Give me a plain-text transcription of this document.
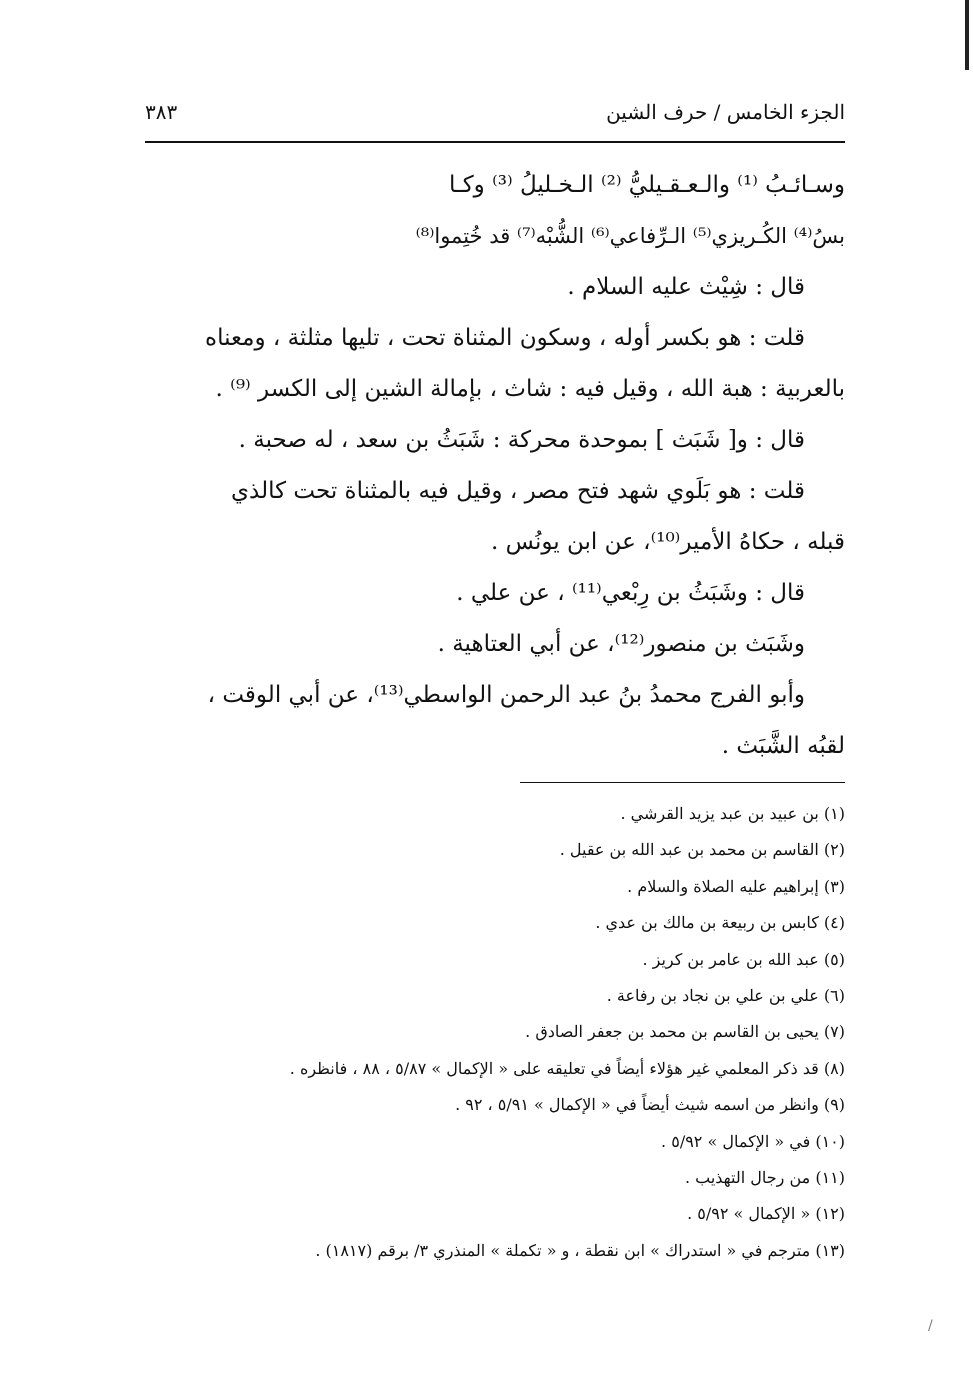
الجزء الخامس / حرف الشين
٣٨٣
وسـائـبُ ⁽¹⁾ والـعـقـيليُّ ⁽²⁾ الـخـليلُ ⁽³⁾ وكـا
بسُ⁽⁴⁾ الكُـريزي⁽⁵⁾ الـرِّفاعي⁽⁶⁾ الشُّبْه⁽⁷⁾ قد خُتِموا⁽⁸⁾
قال : شِيْث عليه السلام .
قلت : هو بكسر أوله ، وسكون المثناة تحت ، تليها مثلثة ، ومعناه
بالعربية : هبة الله ، وقيل فيه : شاث ، بإمالة الشين إلى الكسر ⁽⁹⁾ .
قال : و[ شَبَث ] بموحدة محركة : شَبَثُ بن سعد ، له صحبة .
قلت : هو بَلَوي شهد فتح مصر ، وقيل فيه بالمثناة تحت كالذي
قبله ، حكاهُ الأمير⁽¹⁰⁾، عن ابن يونُس .
قال : وشَبَثُ بن رِبْعي⁽¹¹⁾ ، عن علي .
وشَبَث بن منصور⁽¹²⁾، عن أبي العتاهية .
وأبو الفرج محمدُ بنُ عبد الرحمن الواسطي⁽¹³⁾، عن أبي الوقت ،
لقبُه الشَّبَث .
(١) بن عبيد بن عبد يزيد القرشي .
(٢) القاسم بن محمد بن عبد الله بن عقيل .
(٣) إبراهيم عليه الصلاة والسلام .
(٤) كابس بن ربيعة بن مالك بن عدي .
(٥) عبد الله بن عامر بن كريز .
(٦) علي بن علي بن نجاد بن رفاعة .
(٧) يحيى بن القاسم بن محمد بن جعفر الصادق .
(٨) قد ذكر المعلمي غير هؤلاء أيضاً في تعليقه على « الإكمال » ٥/٨٧ ، ٨٨ ، فانظره .
(٩) وانظر من اسمه شيث أيضاً في « الإكمال » ٥/٩١ ، ٩٢ .
(١٠) في « الإكمال » ٥/٩٢ .
(١١) من رجال التهذيب .
(١٢) « الإكمال » ٥/٩٢ .
(١٣) مترجم في « استدراك » ابن نقطة ، و « تكملة » المنذري ٣/ برقم (١٨١٧) .
/
